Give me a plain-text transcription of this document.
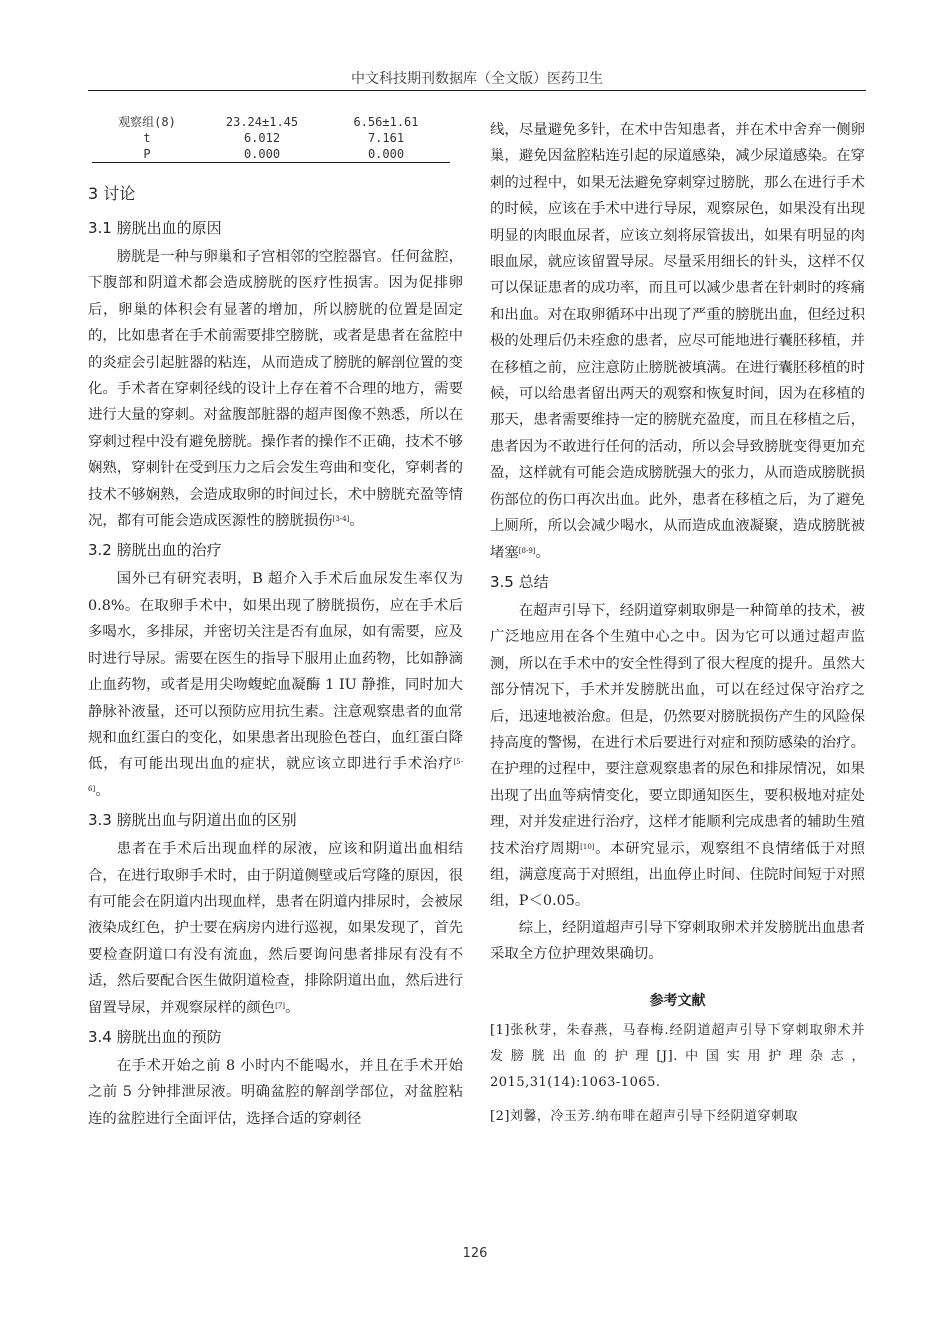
中文科技期刊数据库（全文版）医药卫生
观察组(8)	23.24±1.45	6.56±1.61
t	6.012	7.161
P	0.000	0.000
3 讨论
3.1 膀胱出血的原因

膀胱是一种与卵巢和子宫相邻的空腔器官。任何盆腔，下腹部和阴道术都会造成膀胱的医疗性损害。因为促排卵后，卵巢的体积会有显著的增加，所以膀胱的位置是固定的，比如患者在手术前需要排空膀胱，或者是患者在盆腔中的炎症会引起脏器的粘连，从而造成了膀胱的解剖位置的变化。手术者在穿刺径线的设计上存在着不合理的地方，需要进行大量的穿刺。对盆腹部脏器的超声图像不熟悉，所以在穿刺过程中没有避免膀胱。操作者的操作不正确，技术不够娴熟，穿刺针在受到压力之后会发生弯曲和变化，穿刺者的技术不够娴熟，会造成取卵的时间过长，术中膀胱充盈等情况，都有可能会造成医源性的膀胱损伤[3-4]。

3.2 膀胱出血的治疗

国外已有研究表明，B 超介入手术后血尿发生率仅为 0.8%。在取卵手术中，如果出现了膀胱损伤，应在手术后多喝水，多排尿，并密切关注是否有血尿，如有需要，应及时进行导尿。需要在医生的指导下服用止血药物，比如静滴止血药物，或者是用尖吻蝮蛇血凝酶 1 IU 静推，同时加大静脉补液量，还可以预防应用抗生素。注意观察患者的血常规和血红蛋白的变化，如果患者出现脸色苍白，血红蛋白降低，有可能出现出血的症状，就应该立即进行手术治疗[5-6]。

3.3 膀胱出血与阴道出血的区别

患者在手术后出现血样的尿液，应该和阴道出血相结合，在进行取卵手术时，由于阴道侧壁或后穹隆的原因，很有可能会在阴道内出现血样，患者在阴道内排尿时，会被尿液染成红色，护士要在病房内进行巡视，如果发现了，首先要检查阴道口有没有流血，然后要询问患者排尿有没有不适，然后要配合医生做阴道检查，排除阴道出血，然后进行留置导尿，并观察尿样的颜色[7]。

3.4 膀胱出血的预防

在手术开始之前 8 小时内不能喝水，并且在手术开始之前 5 分钟排泄尿液。明确盆腔的解剖学部位，对盆腔粘连的盆腔进行全面评估，选择合适的穿刺径

线，尽量避免多针，在术中告知患者，并在术中舍弃一侧卵巢，避免因盆腔粘连引起的尿道感染，减少尿道感染。在穿刺的过程中，如果无法避免穿刺穿过膀胱，那么在进行手术的时候，应该在手术中进行导尿，观察尿色，如果没有出现明显的肉眼血尿者，应该立刻将尿管拔出，如果有明显的肉眼血尿，就应该留置导尿。尽量采用细长的针头，这样不仅可以保证患者的成功率，而且可以减少患者在针刺时的疼痛和出血。对在取卵循环中出现了严重的膀胱出血，但经过积极的处理后仍未痊愈的患者，应尽可能地进行囊胚移植，并在移植之前，应注意防止膀胱被填满。在进行囊胚移植的时候，可以给患者留出两天的观察和恢复时间，因为在移植的那天，患者需要维持一定的膀胱充盈度，而且在移植之后，患者因为不敢进行任何的活动，所以会导致膀胱变得更加充盈，这样就有可能会造成膀胱强大的张力，从而造成膀胱损伤部位的伤口再次出血。此外，患者在移植之后，为了避免上厕所，所以会减少喝水，从而造成血液凝聚，造成膀胱被堵塞[8-9]。

3.5 总结

在超声引导下，经阴道穿刺取卵是一种简单的技术，被广泛地应用在各个生殖中心之中。因为它可以通过超声监测，所以在手术中的安全性得到了很大程度的提升。虽然大部分情况下，手术并发膀胱出血，可以在经过保守治疗之后，迅速地被治愈。但是，仍然要对膀胱损伤产生的风险保持高度的警惕，在进行术后要进行对症和预防感染的治疗。在护理的过程中，要注意观察患者的尿色和排尿情况，如果出现了出血等病情变化，要立即通知医生，要积极地对症处理，对并发症进行治疗，这样才能顺利完成患者的辅助生殖技术治疗周期[10]。本研究显示，观察组不良情绪低于对照组，满意度高于对照组，出血停止时间、住院时间短于对照组，P＜0.05。

综上，经阴道超声引导下穿刺取卵术并发膀胱出血患者采取全方位护理效果确切。

参考文献
[1]张秋芽，朱春燕，马春梅.经阴道超声引导下穿刺取卵术并发膀胱出血的护理[J].中国实用护理杂志，2015,31(14):1063-1065.
[2]刘馨，冷玉芳.纳布啡在超声引导下经阴道穿刺取
126
